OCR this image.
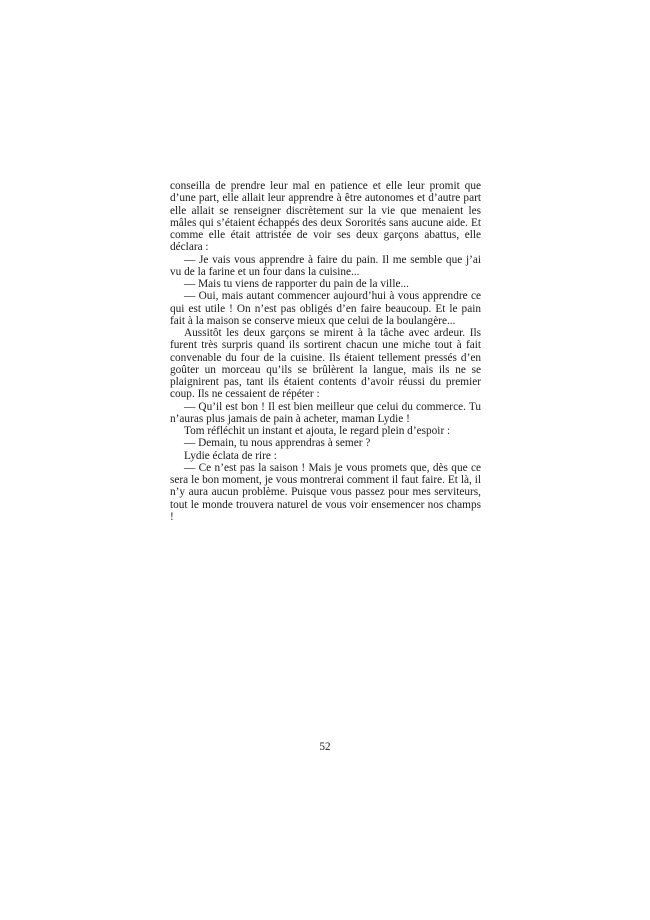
conseilla de prendre leur mal en patience et elle leur promit que d’une part, elle allait leur apprendre à être autonomes et d’autre part elle allait se renseigner discrètement sur la vie que menaient les mâles qui s’étaient échappés des deux Sororités sans aucune aide. Et comme elle était attristée de voir ses deux garçons abattus, elle déclara :

— Je vais vous apprendre à faire du pain. Il me semble que j’ai vu de la farine et un four dans la cuisine...

— Mais tu viens de rapporter du pain de la ville...

— Oui, mais autant commencer aujourd’hui à vous apprendre ce qui est utile ! On n’est pas obligés d’en faire beaucoup. Et le pain fait à la maison se conserve mieux que celui de la boulangère...

Aussitôt les deux garçons se mirent à la tâche avec ardeur. Ils furent très surpris quand ils sortirent chacun une miche tout à fait convenable du four de la cuisine. Ils étaient tellement pressés d’en goûter un morceau qu’ils se brûlèrent la langue, mais ils ne se plaignirent pas, tant ils étaient contents d’avoir réussi du premier coup. Ils ne cessaient de répéter :

— Qu’il est bon ! Il est bien meilleur que celui du commerce. Tu n’auras plus jamais de pain à acheter, maman Lydie !

Tom réfléchit un instant et ajouta, le regard plein d’espoir :

— Demain, tu nous apprendras à semer ?

Lydie éclata de rire :

— Ce n’est pas la saison ! Mais je vous promets que, dès que ce sera le bon moment, je vous montrerai comment il faut faire. Et là, il n’y aura aucun problème. Puisque vous passez pour mes serviteurs, tout le monde trouvera naturel de vous voir ensemencer nos champs !

52
